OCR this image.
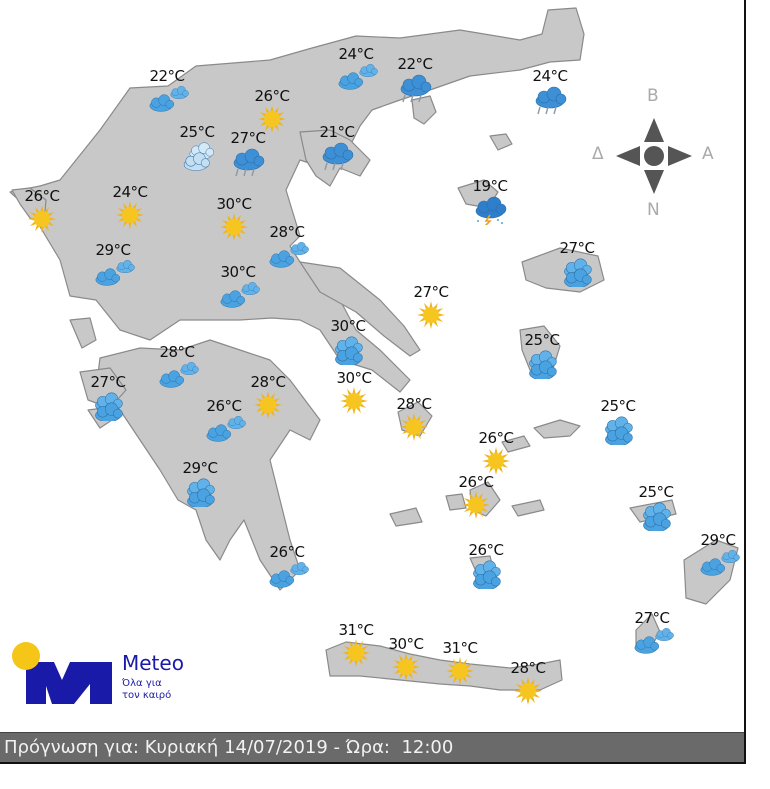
B
Δ	A
N
Meteo
Όλα για
τον καιρό
22°C
26°C
24°C
22°C
24°C
25°C	27°C	21°C
19°C
26°C	24°C
30°C
28°C
29°C	27°C
30°C
27°C
30°C
25°C
28°C
27°C	28°C	30°C
26°C	28°C	25°C
26°C
29°C
26°C
25°C
26°C
26°C
29°C
27°C
31°C
30°C	31°C
28°C
Πρόγνωση για: Κυριακή 14/07/2019 - Ώρα: 12:00
